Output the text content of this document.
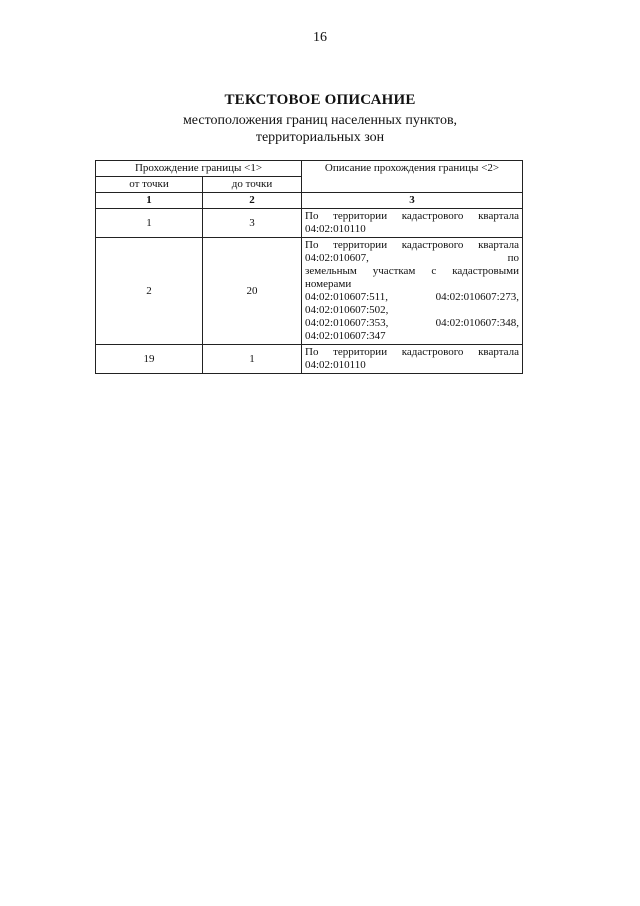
16
ТЕКСТОВОЕ ОПИСАНИЕ
местоположения границ населенных пунктов,
территориальных зон
Прохождение границы <1>		Описание прохождения границы <2>
от точки	до точки	
1	2	3
1	3	По территории кадастрового квартала 04:02:010110

2	20	По территории кадастрового квартала 04:02:010607, по
земельным участкам с кадастровыми номерами
04:02:010607:511, 04:02:010607:273, 04:02:010607:502,
04:02:010607:353, 04:02:010607:348, 04:02:010607:347

19	1	По территории кадастрового квартала 04:02:010110
